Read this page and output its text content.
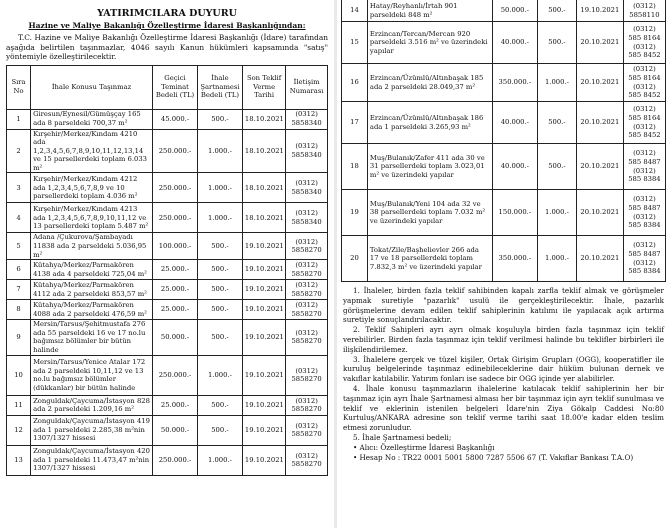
YATIRIMCILARA DUYURU
Hazine ve Maliye Bakanlığı Özelleştirme İdaresi Başkanlığından:
T.C. Hazine ve Maliye Bakanlığı Özelleştirme İdaresi Başkanlığı (İdare) tarafından aşağıda belirtilen taşınmazlar, 4046 sayılı Kanun hükümleri kapsamında "satış" yöntemiyle özelleştirilecektir.
Sıra No	İhale Konusu Taşınmaz	Geçici Teminat Bedeli (TL)	İhale Şartnamesi Bedeli (TL)	Son Teklif Verme Tarihi	İletişim Numarası
1	Giresun/Eynesil/Gümüşçay 165 ada 8 parseldeki 700,37 m²	45.000.-	500.-	18.10.2021	(0312) 5858340
2	Kırşehir/Merkez/Kındam 4210 ada 1,2,3,4,5,6,7,8,9,10,11,12,13,14 ve 15 parsellerdeki toplam 6.033 m²	250.000.-	1.000.-	18.10.2021	(0312) 5858340
3	Kırşehir/Merkez/Kındam 4212 ada 1,2,3,4,5,6,7,8,9 ve 10 parsellerdeki toplam 4.036 m²	250.000.-	1.000.-	18.10.2021	(0312) 5858340
4	Kırşehir/Merkez/Kındam 4213 ada 1,2,3,4,5,6,7,8,9,10,11,12 ve 13 parsellerdeki toplam 5.487 m²	250.000.-	1.000.-	18.10.2021	(0312) 5858340
5	Adana /Çukurova/Şambayadı 11838 ada 2 parseldeki 5.036,95 m²	100.000.-	500.-	19.10.2021	(0312) 5858270
6	Kütahya/Merkez/Parmakören 4138 ada 4 parseldeki 725,04 m²	25.000.-	500.-	19.10.2021	(0312) 5858270
7	Kütahya/Merkez/Parmakören 4112 ada 2 parseldeki 853,57 m²	25.000.-	500.-	19.10.2021	(0312) 5858270
8	Kütahya/Merkez/Parmakören 4088 ada 2 parseldeki 476,59 m²	25.000.-	500.-	19.10.2021	(0312) 5858270
9	Mersin/Tarsus/Şehitmustafa 276 ada 55 parseldeki 16 ve 17 no.lu bağımsız bölümler bir bütün halinde	50.000.-	500.-	19.10.2021	(0312) 5858270
10	Mersin/Tarsus/Yenice Atalar 172 ada 2 parseldeki 10,11,12 ve 13 no.lu bağımsız bölümler (dükkanlar) bir bütün halinde	250.000.-	1.000.-	19.10.2021	(0312) 5858270
11	Zonguldak/Çaycuma/İstasyon 828 ada 2 parseldeki 1.209,16 m²	25.000.-	500.-	19.10.2021	(0312) 5858270
12	Zonguldak/Çaycuma/İstasyon 419 ada 1 parseldeki 2.285,38 m²nin 1307/1327 hissesi	50.000.-	500.-	19.10.2021	(0312) 5858270
13	Zonguldak/Çaycuma/İstasyon 420 ada 1 parseldeki 11.473,47 m²nin 1307/1327 hissesi	250.000.-	1.000.-	19.10.2021	(0312) 5858270
14	Hatay/Reyhanlı/İrtah 901 parseldeki 848 m²	50.000.-	500.-	19.10.2021	(0312) 5858110
15	Erzincan/Tercan/Mercan 920 parseldeki 3.516 m² ve üzerindeki yapılar	40.000.-	500.-	20.10.2021	(0312) 585 8164 (0312) 585 8452
16	Erzincan/Üzümlü/Altınbaşak 185 ada 2 parseldeki 28.049,37 m²	350.000.-	1.000.-	20.10.2021	(0312) 585 8164 (0312) 585 8452
17	Erzincan/Üzümlü/Altınbaşak 186 ada 1 parseldeki 3.265,93 m²	40.000.-	500.-	20.10.2021	(0312) 585 8164 (0312) 585 8452
18	Muş/Bulanık/Zafer 411 ada 30 ve 31 parsellerdeki toplam 3.023,01 m² ve üzerindeki yapılar	40.000.-	500.-	20.10.2021	(0312) 585 8487 (0312) 585 8384
19	Muş/Bulanık/Yeni 104 ada 32 ve 38 parsellerdeki toplam 7.032 m² ve üzerindeki yapılar	150.000.-	1.000.-	20.10.2021	(0312) 585 8487 (0312) 585 8384
20	Tokat/Zile/Başhelievler 266 ada 17 ve 18 parsellerdeki toplam 7.832,3 m² ve üzerindeki yapılar	350.000.-	1.000.-	20.10.2021	(0312) 585 8487 (0312) 585 8384

1. İhaleler, birden fazla teklif sahibinden kapalı zarfla teklif almak ve görüşmeler yapmak suretiyle "pazarlık" usulü ile gerçekleştirilecektir. İhale, pazarlık görüşmelerine devam edilen teklif sahiplerinin katılımı ile yapılacak açık artırma suretiyle sonuçlandırılacaktır.

2. Teklif Sahipleri ayrı ayrı olmak koşuluyla birden fazla taşınmaz için teklif verebilirler. Birden fazla taşınmaz için teklif verilmesi halinde bu teklifler birbirleri ile ilişkilendirilemez.

3. İhalelere gerçek ve tüzel kişiler, Ortak Girişim Grupları (OGG), kooperatifler ile kuruluş belgelerinde taşınmaz edinebileceklerine dair hüküm bulunan dernek ve vakıflar katılabilir. Yatırım fonları ise sadece bir OGG içinde yer alabilirler.

4. İhale konusu taşınmazların ihalelerine katılacak teklif sahiplerinin her bir taşınmaz için ayrı İhale Şartnamesi alması her bir taşınmaz için ayrı teklif sunulması ve teklif ve eklerinin istenilen belgeleri İdare'nin Ziya Gökalp Caddesi No:80 Kurtuluş/ANKARA adresine son teklif verme tarihi saat 18.00'e kadar elden teslim etmesi zorunludur.

5. İhale Şartnamesi bedeli;

• Alıcı: Özelleştirme İdaresi Başkanlığı

• Hesap No : TR22 0001 5001 5800 7287 5506 67 (T. Vakıflar Bankası T.A.O)
